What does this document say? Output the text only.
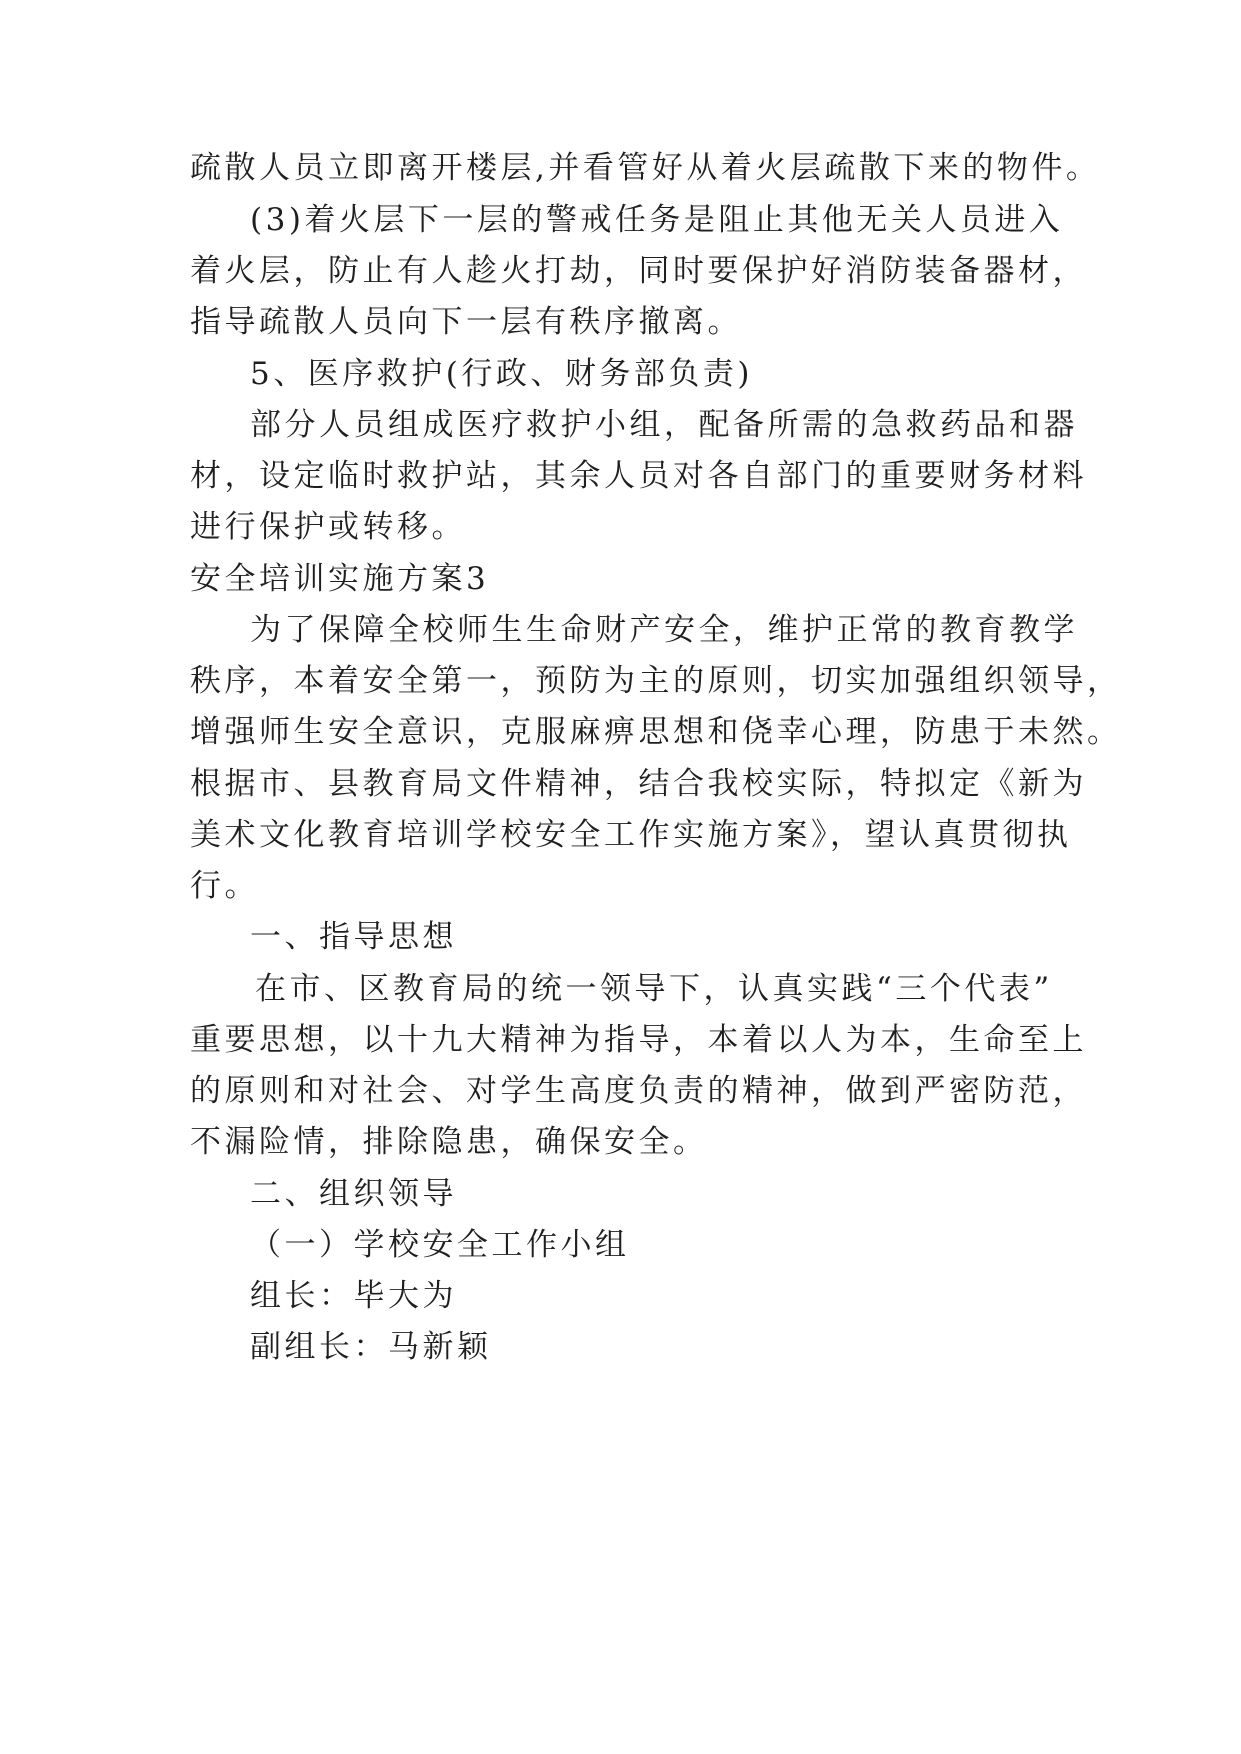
疏散人员立即离开楼层,并看管好从着火层疏散下来的物件。
(3)着火层下一层的警戒任务是阻止其他无关人员进入
着火层，防止有人趁火打劫，同时要保护好消防装备器材，
指导疏散人员向下一层有秩序撤离。
5、医序救护(行政、财务部负责)
部分人员组成医疗救护小组，配备所需的急救药品和器
材，设定临时救护站，其余人员对各自部门的重要财务材料
进行保护或转移。
安全培训实施方案3
为了保障全校师生生命财产安全，维护正常的教育教学
秩序，本着安全第一，预防为主的原则，切实加强组织领导，
增强师生安全意识，克服麻痹思想和侥幸心理，防患于未然。
根据市、县教育局文件精神，结合我校实际，特拟定《新为
美术文化教育培训学校安全工作实施方案》，望认真贯彻执
行。
一、指导思想
在市、区教育局的统一领导下，认真实践“三个代表”
重要思想，以十九大精神为指导，本着以人为本，生命至上
的原则和对社会、对学生高度负责的精神，做到严密防范，
不漏险情，排除隐患，确保安全。
二、组织领导
（一）学校安全工作小组
组长：毕大为
副组长：马新颖
